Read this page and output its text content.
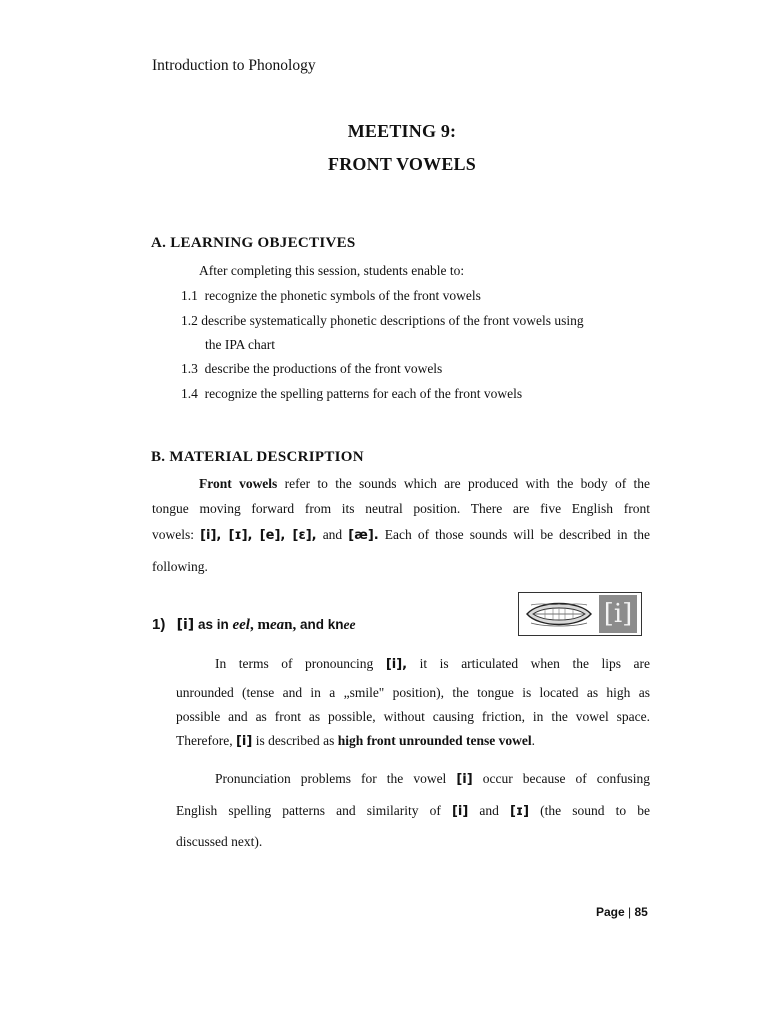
Introduction to Phonology
MEETING 9:
FRONT VOWELS
A. LEARNING OBJECTIVES
After completing this session, students enable to:
1.1 recognize the phonetic symbols of the front vowels
1.2 describe systematically phonetic descriptions of the front vowels using
the IPA chart
1.3 describe the productions of the front vowels
1.4 recognize the spelling patterns for each of the front vowels
B. MATERIAL DESCRIPTION
Front vowels refer to the sounds which are produced with the body of the
tongue moving forward from its neutral position. There are five English front
vowels: [i], [ɪ], [e], [ɛ], and [æ]. Each of those sounds will be described in the
following.
1) [i] as in eel, mean, and knee	[i]
In terms of pronouncing [i], it is articulated when the lips are
unrounded (tense and in a „smile" position), the tongue is located as high as
possible and as front as possible, without causing friction, in the vowel space.
Therefore, [i] is described as high front unrounded tense vowel.
Pronunciation problems for the vowel [i] occur because of confusing
English spelling patterns and similarity of [i] and [ɪ] (the sound to be
discussed next).
Page | 85
